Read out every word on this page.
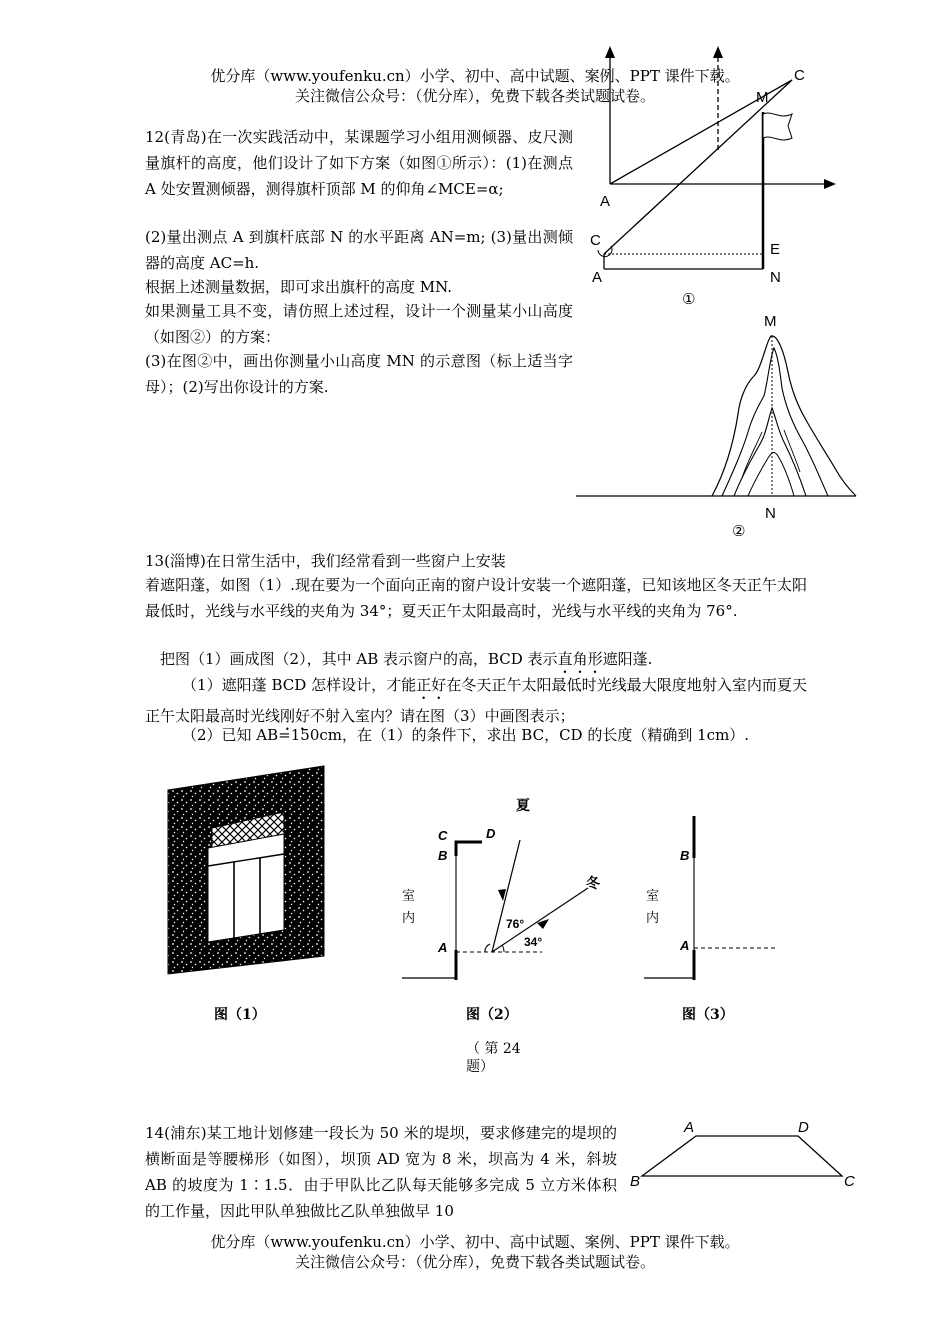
优分库（www.youfenku.cn）小学、初中、高中试题、案例、PPT 课件下载。
关注微信公众号：（优分库），免费下载各类试题试卷。

12(青岛)在一次实践活动中，某课题学习小组用测倾器、皮尺测量旗杆的高度，他们设计了如下方案（如图①所示）：(1)在测点 A 处安置测倾器，测得旗杆顶部 M 的仰角∠MCE=α;

(2)量出测点 A 到旗杆底部 N 的水平距离 AN=m; (3)量出测倾器的高度 AC=h.

根据上述测量数据，即可求出旗杆的高度 MN.

如果测量工具不变，请仿照上述过程，设计一个测量某小山高度（如图②）的方案：

(3)在图②中，画出你测量小山高度 MN 的示意图（标上适当字母）；(2)写出你设计的方案.

C
M
A
C
E
A	N
①
M
N
②

13(淄博)在日常生活中，我们经常看到一些窗户上安装

着遮阳蓬，如图（1）.现在要为一个面向正南的窗户设计安装一个遮阳蓬，已知该地区冬天正午太阳最低时，光线与水平线的夹角为 34°；夏天正午太阳最高时，光线与水平线的夹角为 76°.

把图（1）画成图（2），其中 AB 表示窗户的高，BCD 表示直角形遮阳蓬.

（1）遮阳蓬 BCD 怎样设计，才能正好在冬天正午太阳最低时光线最大限度地射入室内而夏天正午太阳最高时光线刚好不射入室内？请在图（3）中画图表示；

（2）已知 AB=150cm，在（1）的条件下，求出 BC，CD 的长度（精确到 1cm）.

夏
冬
C	D
B
A
室
内	76°
34°
B
A
室
内
图（1）	图（2）	图（3）
（ 第 24
题）

14(浦东)某工地计划修建一段长为 50 米的堤坝，要求修建完的堤坝的横断面是等腰梯形（如图），坝顶 AD 宽为 8 米，坝高为 4 米，斜坡 AB 的坡度为 1∶1.5．由于甲队比乙队每天能够多完成 5 立方米体积的工作量，因此甲队单独做比乙队单独做早 10

A	D
B	C
优分库（www.youfenku.cn）小学、初中、高中试题、案例、PPT 课件下载。
关注微信公众号：（优分库），免费下载各类试题试卷。
